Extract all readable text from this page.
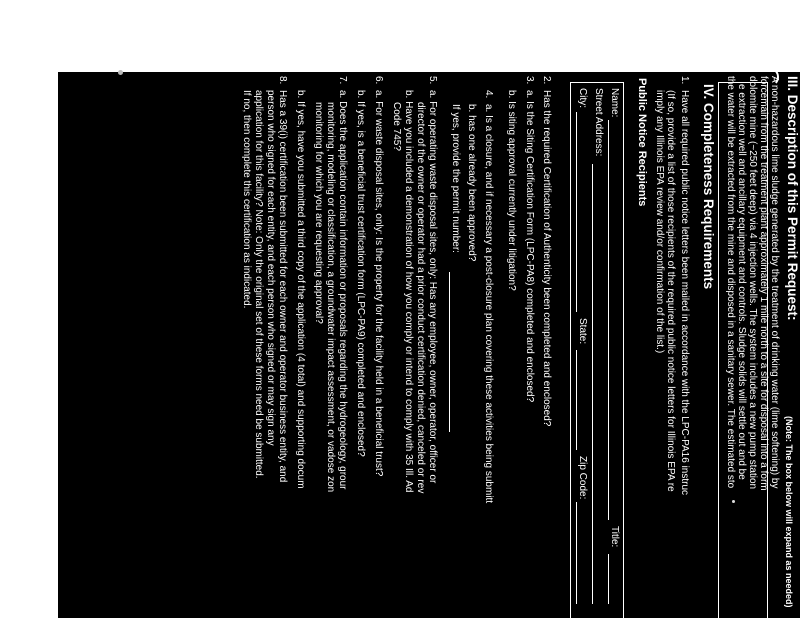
III. Description of this Permit Request:
(Note: The box below will expand as needed)
A non-hazardous lime sludge generated by the treatment of drinking water (lime softening) by
forcemain from the treatment plant approximately 1 mile north to a site for disposal into a form
dolomite mine (~250 feet deep) via 4 injection wells. The system includes a new pump station
e extraction well and ancillary equipment and controls. Sludge solids will settle out and be
the water will be extracted from the mine and disposed in a sanitary sewer. The estimated sto
IV. Completeness Requirements
1.
Have all required public notice letters been mailed in accordance with the LPC-PA16 instruc
(If so, provide a list of those recipients of the required public notice letters for Illinois EPA re
imply any Illinois EPA review and/or confirmation of the list.)
Public Notice Recipients
Name:
Title:
Street Address:
City:
State:
Zip Code:
2.
Has the required Certification of Authenticity been completed and enclosed?
3.
a. Is the Siting Certification Form (LPC-PA8) completed and enclosed?
b. Is siting approval currently under litigation?
4.
a. Is a closure, and if necessary a post-closure plan covering these activities being submitt
b. has one already been approved?
If yes, provide the permit number:
5.
a. For operating waste disposal sites, only: Has any employee, owner, operator, officer or
director of the owner or operator had a prior conduct certification denied, canceled or rev
b. Have you included a demonstration of how you comply or intend to comply with 35 Ill. Ad
Code 745?
6.
a. For waste disposal sites, only: Is the property for the facility held in a beneficial trust?
b. If yes, is a beneficial trust certification form (LPC-PA9) completed and enclosed?
7.
a. Does the application contain information or proposals regarding the hydrogeology, grour
monitoring, modeling or classification, a groundwater impact assessment, or vadose zon
monitoring for which you are requesting approval?
b. If yes, have you submitted a third copy of the application (4 total) and supporting docum
8.
Has a 39(i) certification been submitted for each owner and operator business entity, and
person who signed for each entity, and each person who signed or may sign any
application for this facility? Note: Only the original set of these forms need be submitted.
If no, then complete this certification as indicated.
